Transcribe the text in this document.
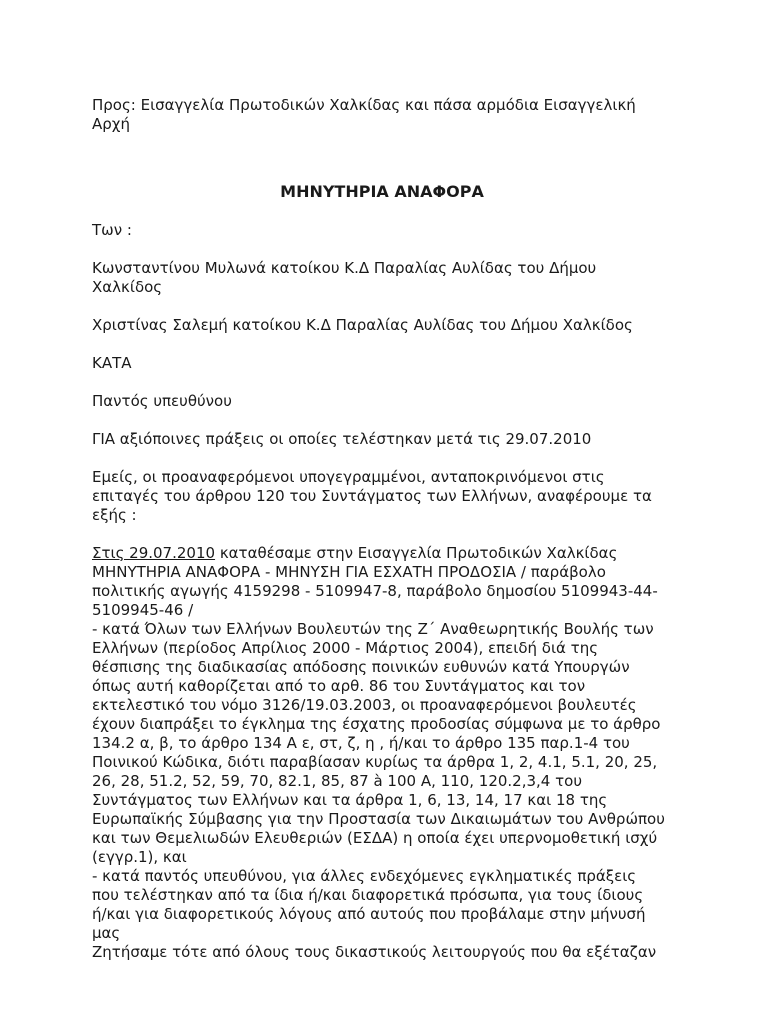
Προς: Εισαγγελία Πρωτοδικών Χαλκίδας και πάσα αρμόδια Εισαγγελική
Αρχή

ΜΗΝΥΤΗΡΙΑ ΑΝΑΦΟΡΑ

Των :

Κωνσταντίνου Μυλωνά κατοίκου Κ.Δ Παραλίας Αυλίδας του Δήμου
Χαλκίδος

Χριστίνας Σαλεμή κατοίκου Κ.Δ Παραλίας Αυλίδας του Δήμου Χαλκίδος

ΚΑΤΑ

Παντός υπευθύνου

ΓΙΑ αξιόποινες πράξεις οι οποίες τελέστηκαν μετά τις 29.07.2010

Εμείς, οι προαναφερόμενοι υπογεγραμμένοι, ανταποκρινόμενοι στις
επιταγές του άρθρου 120 του Συντάγματος των Ελλήνων, αναφέρουμε τα
εξής :

Στις 29.07.2010 καταθέσαμε στην Εισαγγελία Πρωτοδικών Χαλκίδας
ΜΗΝΥΤΗΡΙΑ ΑΝΑΦΟΡΑ - ΜΗΝΥΣΗ ΓΙΑ ΕΣΧΑΤΗ ΠΡΟΔΟΣΙΑ / παράβολο
πολιτικής αγωγής 4159298 - 5109947-8, παράβολο δημοσίου 5109943-44-
5109945-46 /
- κατά Όλων των Ελλήνων Βουλευτών της Ζ΄ Αναθεωρητικής Βουλής των
Ελλήνων (περίοδος Απρίλιος 2000 - Μάρτιος 2004), επειδή διά της
θέσπισης της διαδικασίας απόδοσης ποινικών ευθυνών κατά Υπουργών
όπως αυτή καθορίζεται από το αρθ. 86 του Συντάγματος και τον
εκτελεστικό του νόμο 3126/19.03.2003, οι προαναφερόμενοι βουλευτές
έχουν διαπράξει το έγκλημα της έσχατης προδοσίας σύμφωνα με το άρθρο
134.2 α, β, το άρθρο 134 Α ε, στ, ζ, η , ή/και το άρθρο 135 παρ.1-4 του
Ποινικού Κώδικα, διότι παραβίασαν κυρίως τα άρθρα 1, 2, 4.1, 5.1, 20, 25,
26, 28, 51.2, 52, 59, 70, 82.1, 85, 87 à 100 Α, 110, 120.2,3,4 του
Συντάγματος των Ελλήνων και τα άρθρα 1, 6, 13, 14, 17 και 18 της
Ευρωπαϊκής Σύμβασης για την Προστασία των Δικαιωμάτων του Ανθρώπου
και των Θεμελιωδών Ελευθεριών (ΕΣΔΑ) η οποία έχει υπερνομοθετική ισχύ
(εγγρ.1), και
- κατά παντός υπευθύνου, για άλλες ενδεχόμενες εγκληματικές πράξεις
που τελέστηκαν από τα ίδια ή/και διαφορετικά πρόσωπα, για τους ίδιους
ή/και για διαφορετικούς λόγους από αυτούς που προβάλαμε στην μήνυσή
μας
Ζητήσαμε τότε από όλους τους δικαστικούς λειτουργούς που θα εξέταζαν
